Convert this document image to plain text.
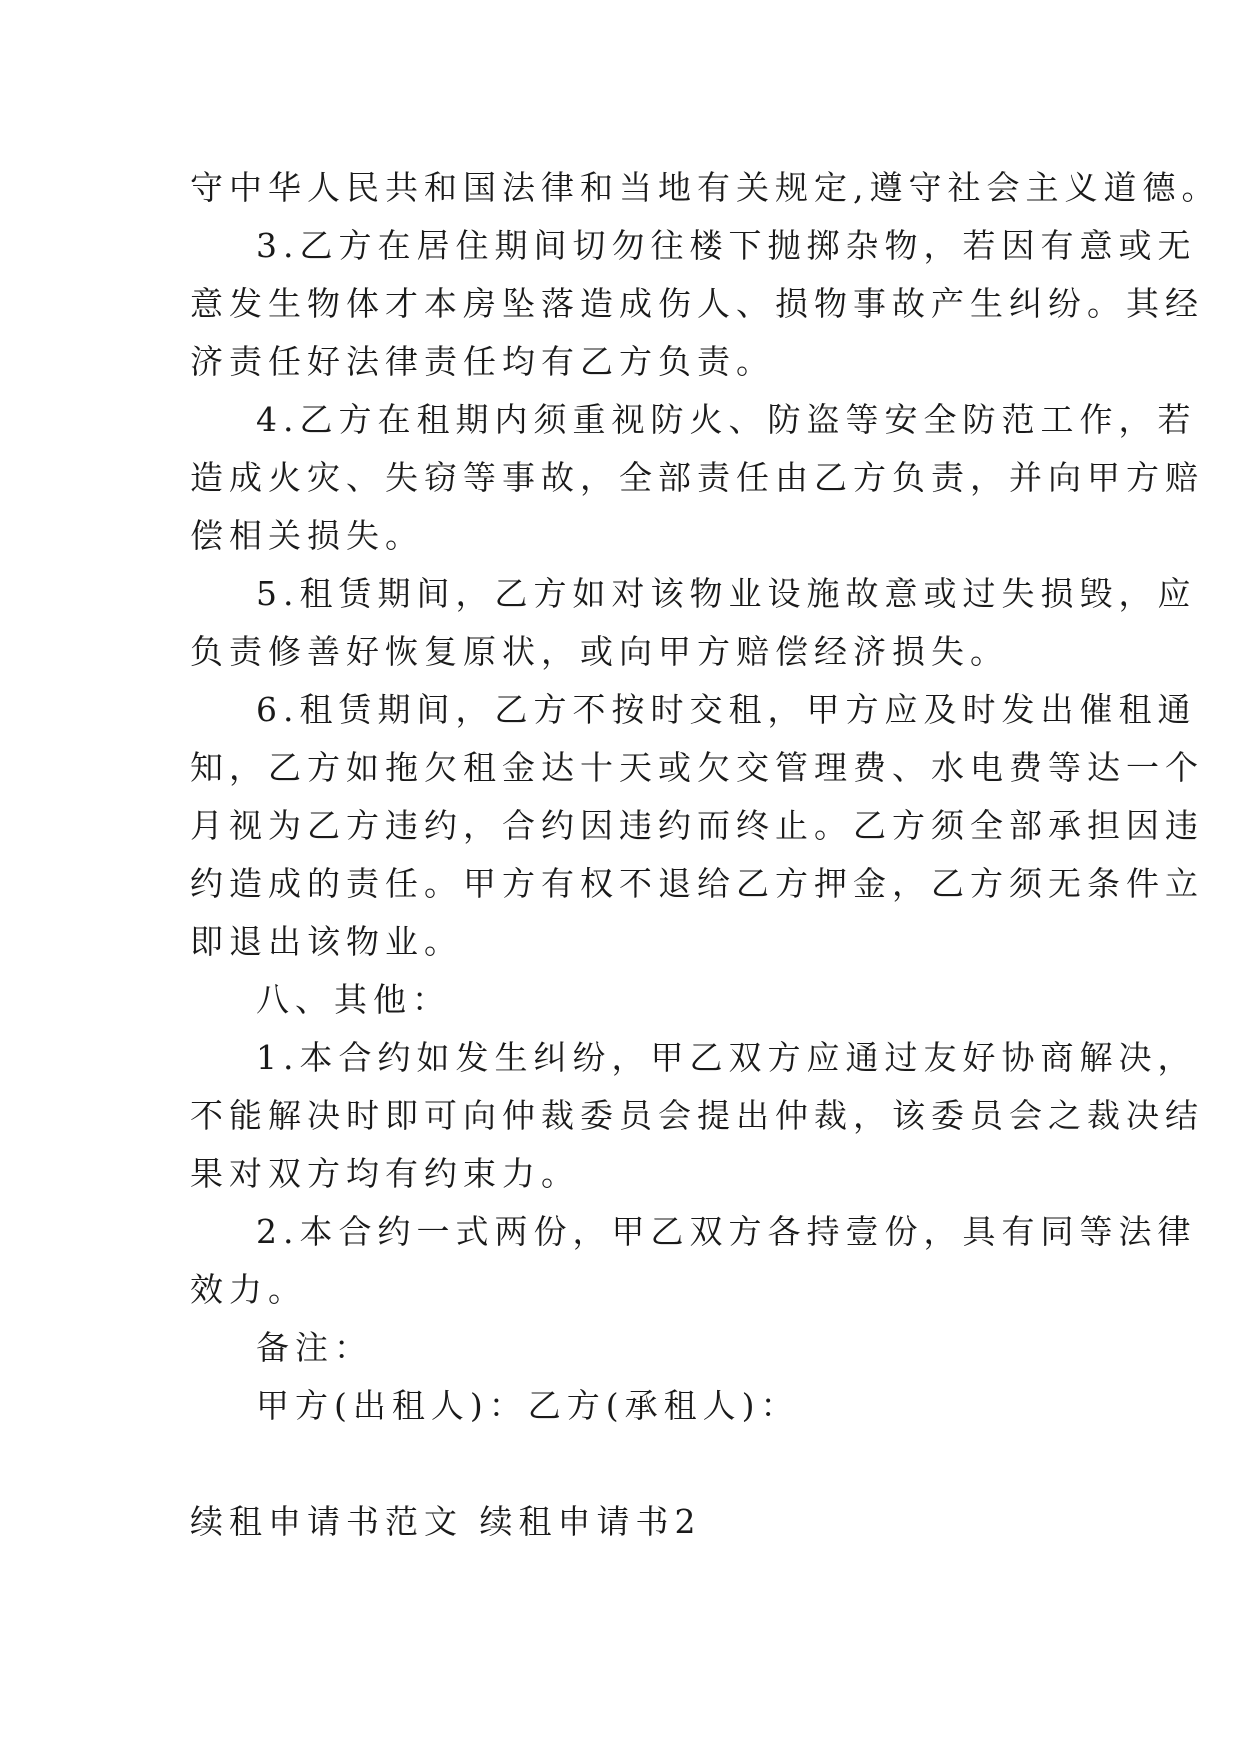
守中华人民共和国法律和当地有关规定,遵守社会主义道德。
3.乙方在居住期间切勿往楼下抛掷杂物，若因有意或无
意发生物体才本房坠落造成伤人、损物事故产生纠纷。其经
济责任好法律责任均有乙方负责。
4.乙方在租期内须重视防火、防盗等安全防范工作，若
造成火灾、失窃等事故，全部责任由乙方负责，并向甲方赔
偿相关损失。
5.租赁期间，乙方如对该物业设施故意或过失损毁，应
负责修善好恢复原状，或向甲方赔偿经济损失。
6.租赁期间，乙方不按时交租，甲方应及时发出催租通
知，乙方如拖欠租金达十天或欠交管理费、水电费等达一个
月视为乙方违约，合约因违约而终止。乙方须全部承担因违
约造成的责任。甲方有权不退给乙方押金，乙方须无条件立
即退出该物业。
八、其他：
1.本合约如发生纠纷，甲乙双方应通过友好协商解决，
不能解决时即可向仲裁委员会提出仲裁，该委员会之裁决结
果对双方均有约束力。
2.本合约一式两份，甲乙双方各持壹份，具有同等法律
效力。
备注：
甲方(出租人)：乙方(承租人)：
续租申请书范文 续租申请书2
